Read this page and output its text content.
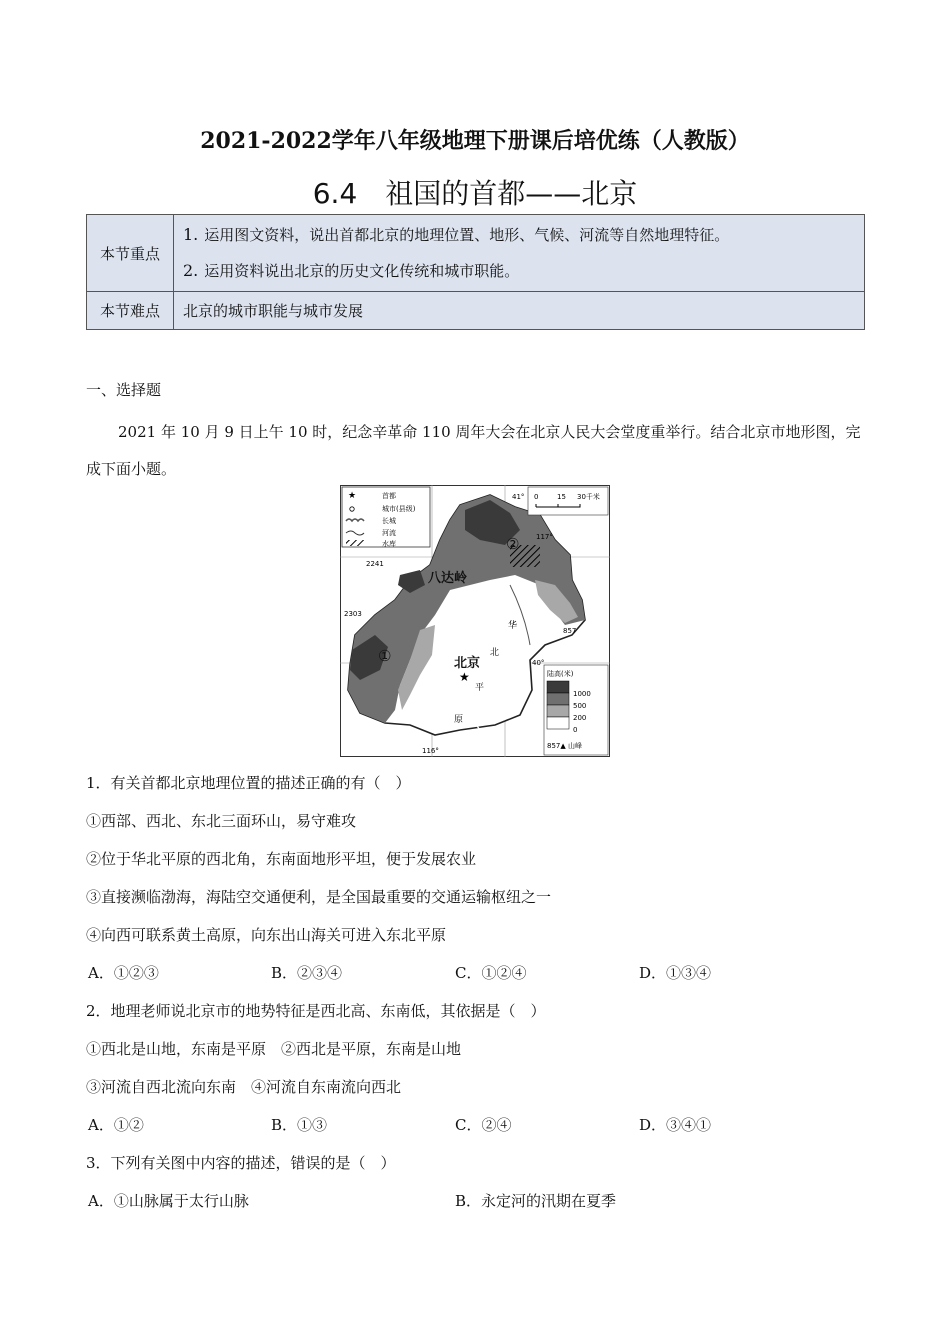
2021-2022学年八年级地理下册课后培优练（人教版）
6.4　祖国的首都——北京
本节重点	1. 运用图文资料，说出首都北京的地理位置、地形、气候、河流等自然地理特征。
2. 运用资料说出北京的历史文化传统和城市职能。

本节难点	北京的城市职能与城市发展
一、选择题
2021 年 10 月 9 日上午 10 时，纪念辛革命 110 周年大会在北京人民大会堂度重举行。结合北京市地形图，完成下面小题。
★	首都
城市(县级)
长城
河流
水库
0	15 30千米
41°
117°
40°
116°
2241
2303
857
八达岭
②
①	北京
★
华
北
平
原
陆高(米)
1000
500
200
0
857▲ 山峰
1．有关首都北京地理位置的描述正确的有（　）
①西部、西北、东北三面环山，易守难攻
②位于华北平原的西北角，东南面地形平坦，便于发展农业
③直接濒临渤海，海陆空交通便利，是全国最重要的交通运输枢纽之一
④向西可联系黄土高原，向东出山海关可进入东北平原
A．①②③	B．②③④	C．①②④	D．①③④
2．地理老师说北京市的地势特征是西北高、东南低，其依据是（　）
①西北是山地，东南是平原　②西北是平原，东南是山地
③河流自西北流向东南　④河流自东南流向西北
A．①②	B．①③	C．②④	D．③④①
3．下列有关图中内容的描述，错误的是（　）
A．①山脉属于太行山脉	B．永定河的汛期在夏季
